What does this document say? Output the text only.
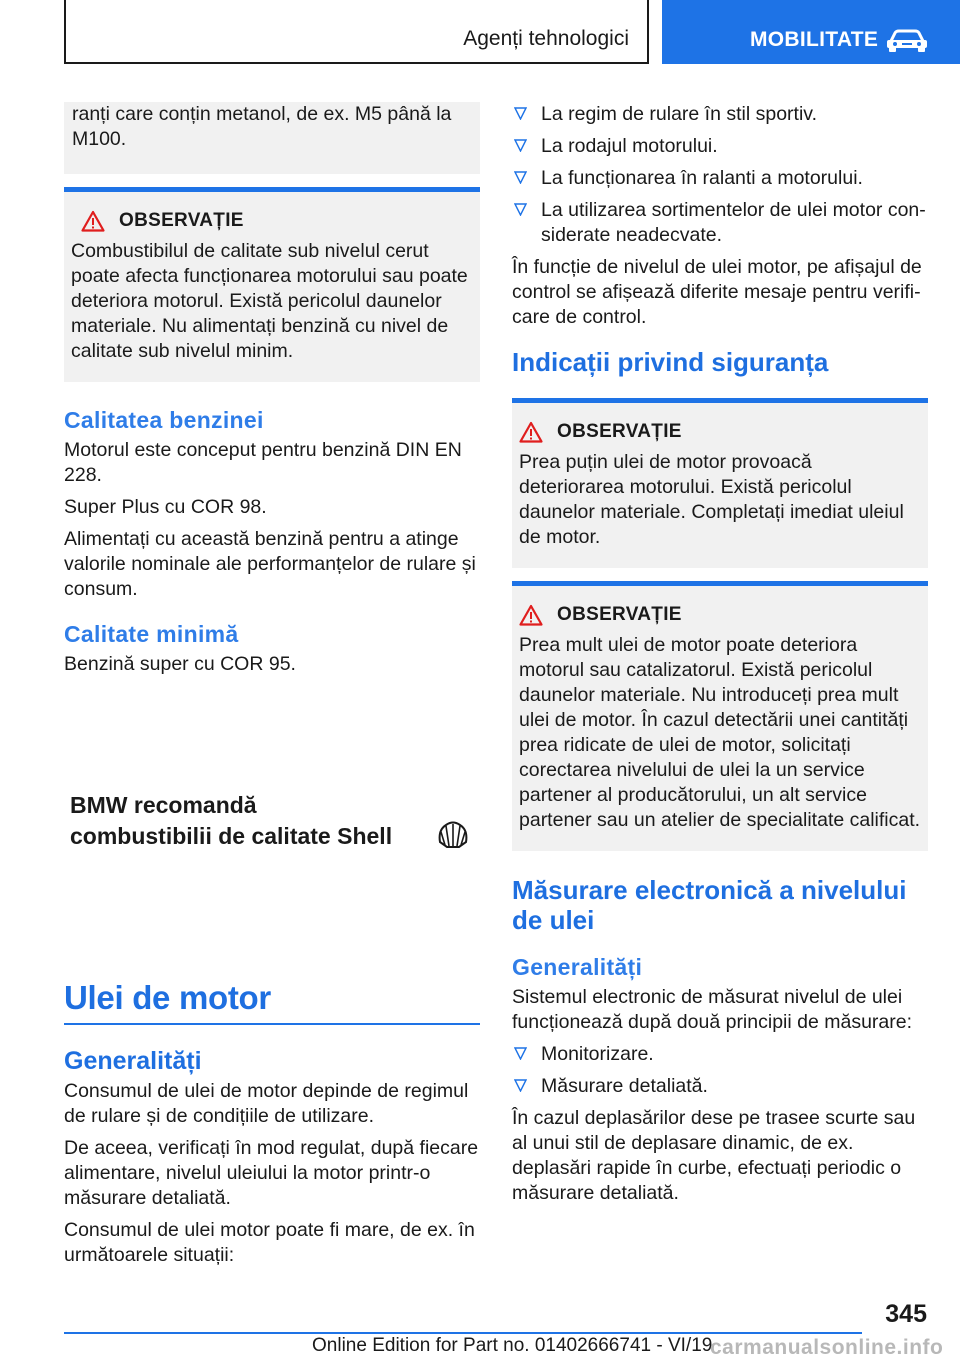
Agenți tehnologici	MOBILITATE

ranți care conțin metanol, de ex. M5 până la M100.

OBSERVAȚIE
Combustibilul de calitate sub nivelul cerut poate afecta funcționarea motorului sau poate deteriora motorul. Există pericolul daunelor materiale. Nu alimentați benzină cu nivel de calitate sub nivelul minim.
Calitatea benzinei

Motorul este conceput pentru benzină DIN EN 228.

Super Plus cu COR 98.

Alimentați cu această benzină pentru a atinge valorile nominale ale performanțelor de rulare și consum.

Calitate minimă

Benzină super cu COR 95.

BMW recomandă
combustibilii de calitate Shell
Ulei de motor
Generalități

Consumul de ulei de motor depinde de regimul de rulare și de condițiile de utilizare.

De aceea, verificați în mod regulat, după fiecare alimentare, nivelul uleiului la motor printr-o măsurare detaliată.

Consumul de ulei motor poate fi mare, de ex. în următoarele situații:

La regim de rulare în stil sportiv.
La rodajul motorului.
La funcționarea în ralanti a motorului.
La utilizarea sortimentelor de ulei motor considerate neadecvate.

În funcție de nivelul de ulei motor, pe afișajul de control se afișează diferite mesaje pentru verificare de control.

Indicații privind siguranța
OBSERVAȚIE
Prea puțin ulei de motor provoacă deteriorarea motorului. Există pericolul daunelor materiale. Completați imediat uleiul de motor.
OBSERVAȚIE
Prea mult ulei de motor poate deteriora motorul sau catalizatorul. Există pericolul daunelor materiale. Nu introduceți prea mult ulei de motor. În cazul detectării unei cantități prea ridicate de ulei de motor, solicitați corectarea nivelului de ulei la un service partener al producătorului, un alt service partener sau un atelier de specialitate calificat.
Măsurare electronică a nivelului de ulei
Generalități

Sistemul electronic de măsurat nivelul de ulei funcționează după două principii de măsurare:

Monitorizare.
Măsurare detaliată.

În cazul deplasărilor dese pe trasee scurte sau al unui stil de deplasare dinamic, de ex. deplasări rapide în curbe, efectuați periodic o măsurare detaliată.

345
Online Edition for Part no. 01402666741 - VI/19
carmanualsonline.info
